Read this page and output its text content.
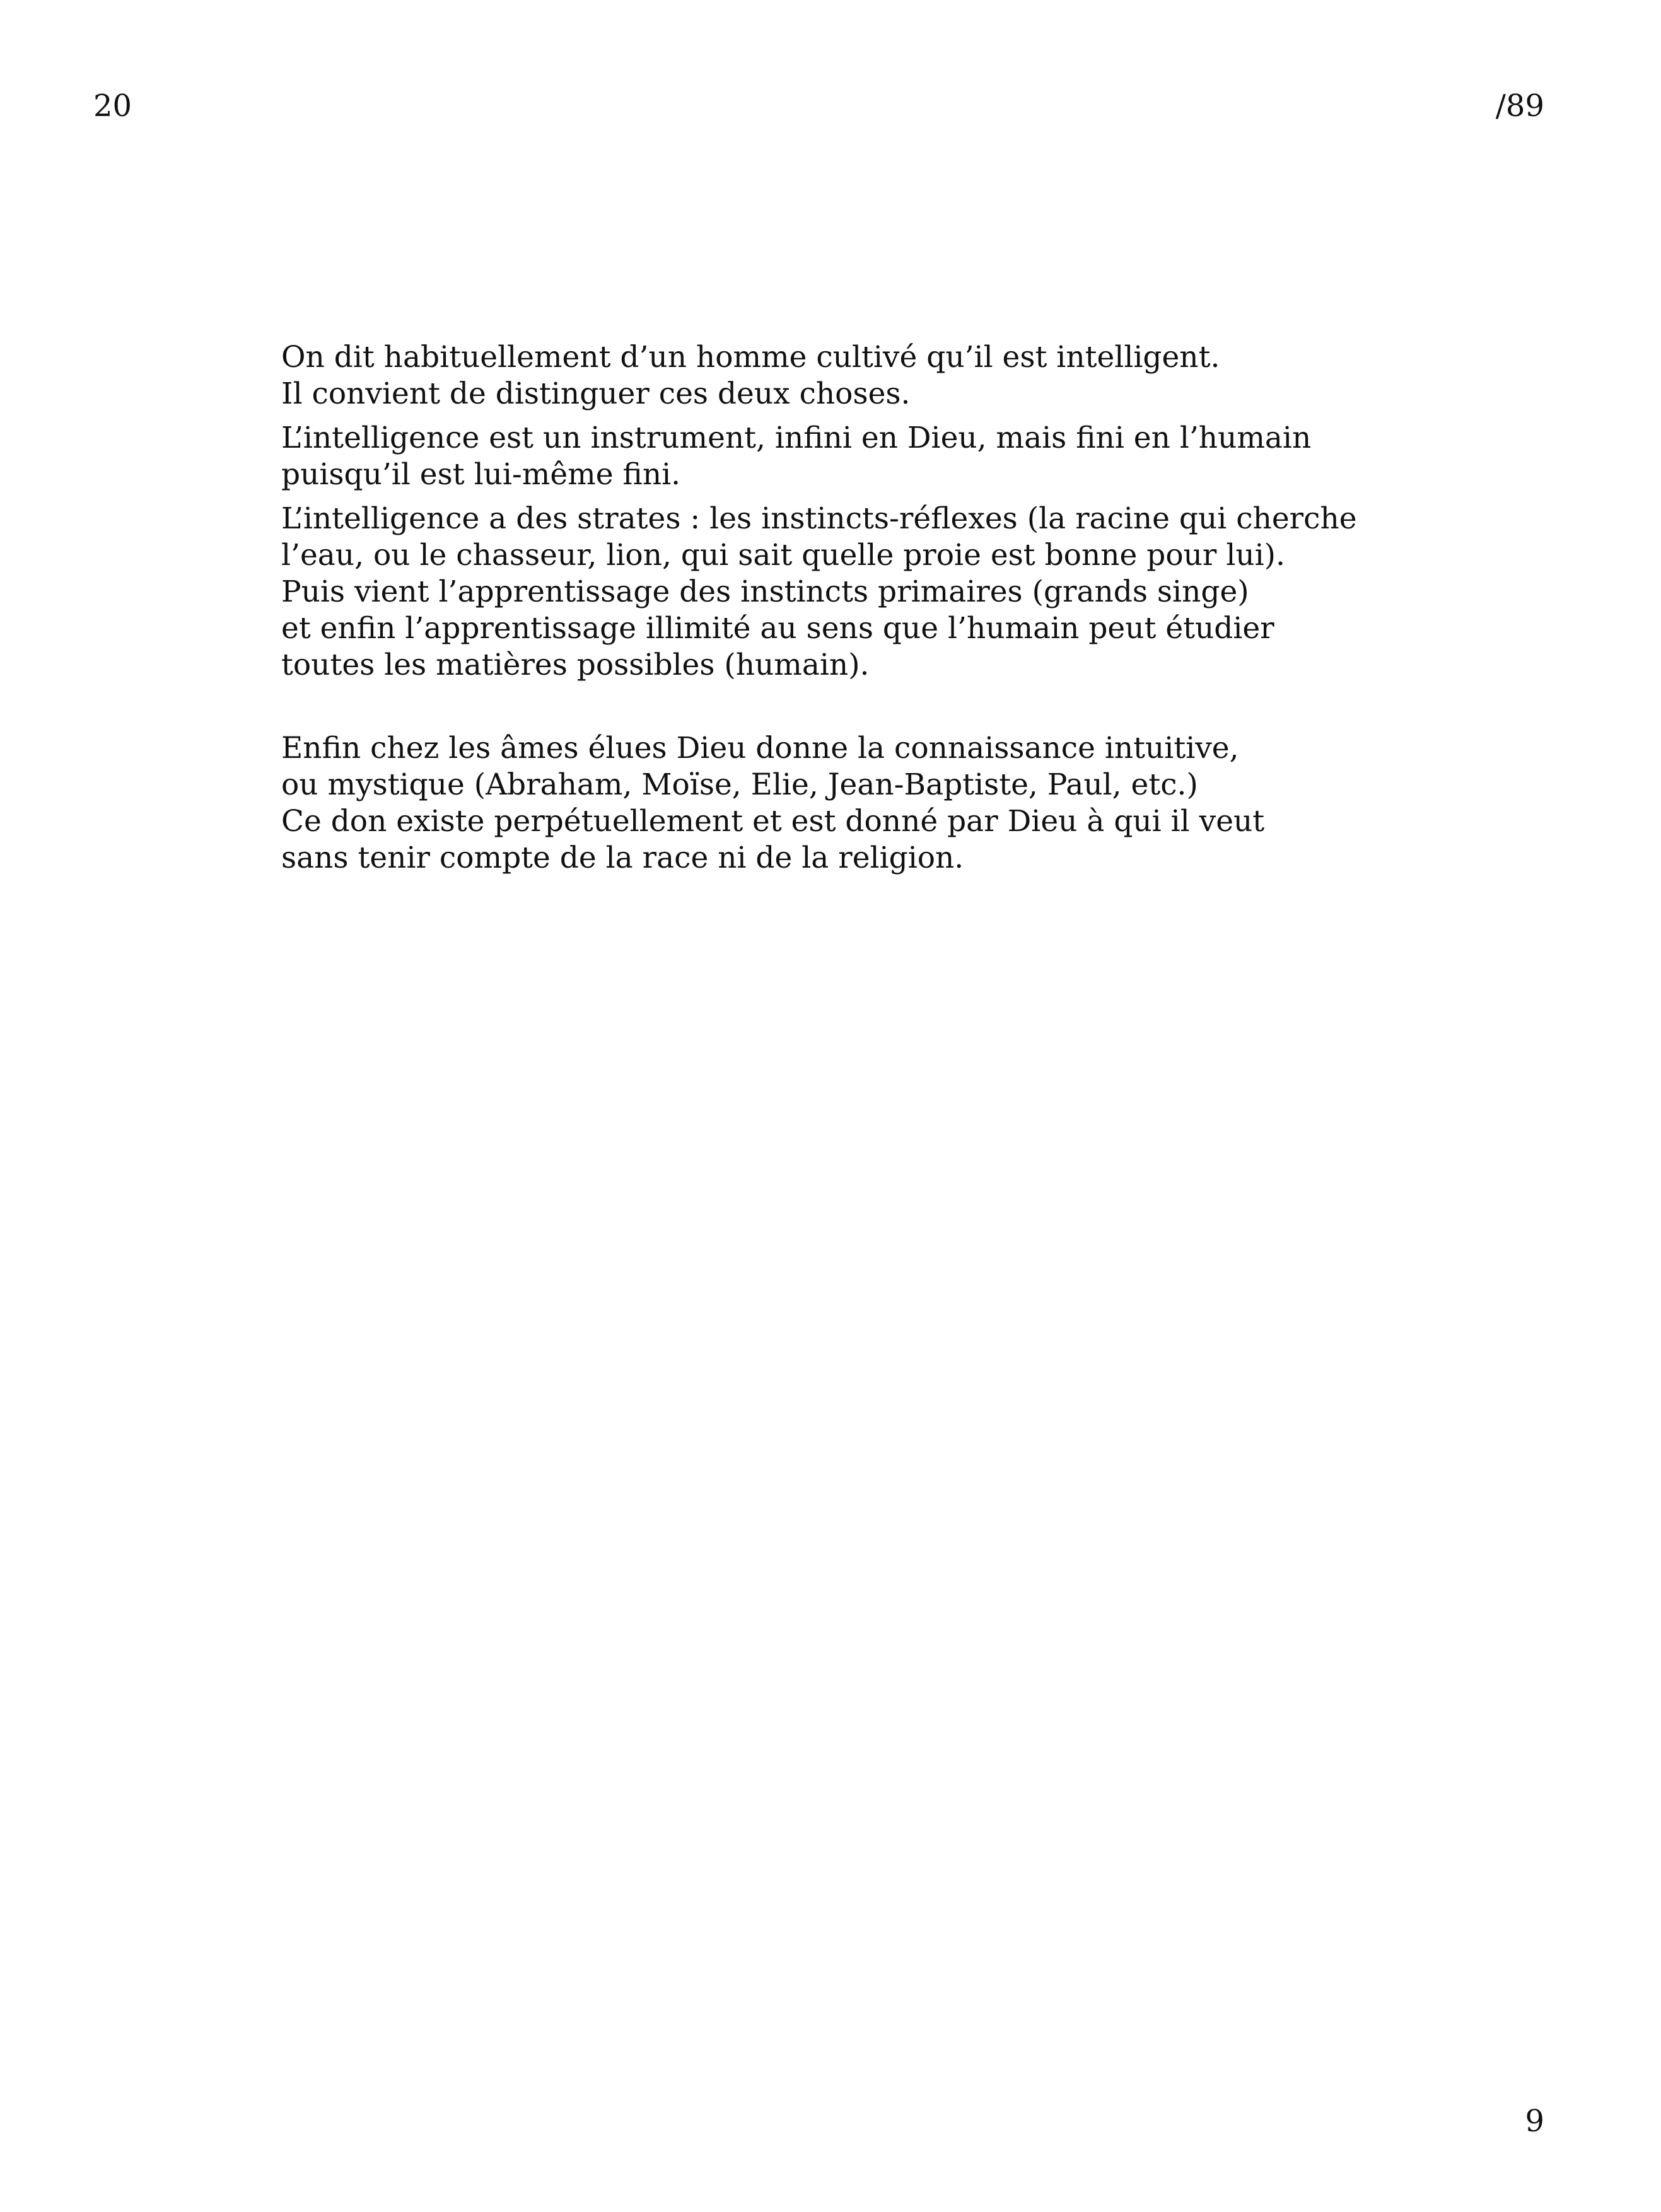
20	/89
On dit habituellement d’un homme cultivé qu’il est intelligent.
Il convient de distinguer ces deux choses.
L’intelligence est un instrument, infini en Dieu, mais fini en l’humain
puisqu’il est lui-même fini.
L’intelligence a des strates : les instincts-réflexes (la racine qui cherche
l’eau, ou le chasseur, lion, qui sait quelle proie est bonne pour lui).
Puis vient l’apprentissage des instincts primaires (grands singe)
et enfin l’apprentissage illimité au sens que l’humain peut étudier
toutes les matières possibles (humain).
Enfin chez les âmes élues Dieu donne la connaissance intuitive,
ou mystique (Abraham, Moïse, Elie, Jean-Baptiste, Paul, etc.)
Ce don existe perpétuellement et est donné par Dieu à qui il veut
sans tenir compte de la race ni de la religion.
9
